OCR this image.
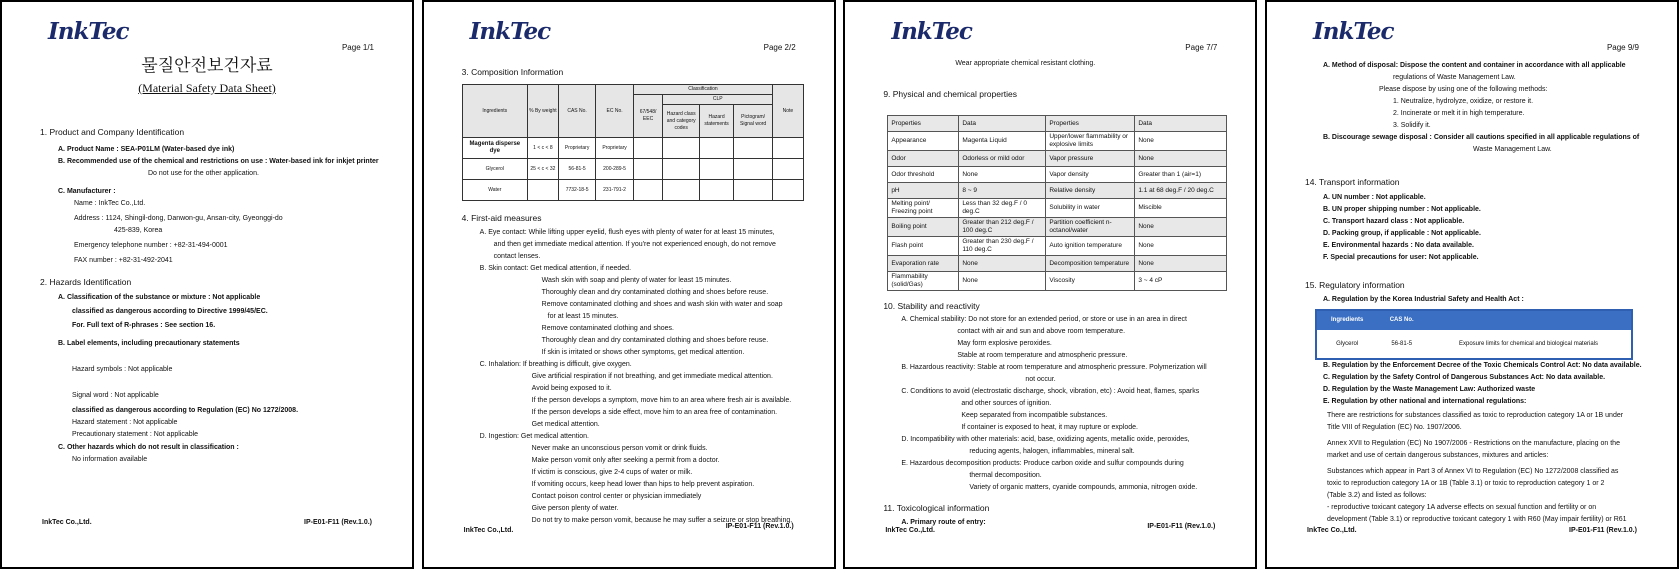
InkTec
Page 1/1
물질안전보건자료
(Material Safety Data Sheet)

1. Product and Company Identification

A. Product Name : SEA-P01LM (Water-based dye ink)

B. Recommended use of the chemical and restrictions on use : Water-based ink for inkjet printer

Do not use for the other application.

C. Manufacturer :

Name : InkTec Co.,Ltd.

Address : 1124, Shingil-dong, Danwon-gu, Ansan-city, Gyeonggi-do

425-839, Korea

Emergency telephone number : +82-31-494-0001

FAX number : +82-31-492-2041

2. Hazards Identification

A. Classification of the substance or mixture : Not applicable

classified as dangerous according to Directive 1999/45/EC.

For. Full text of R-phrases : See section 16.

B. Label elements, including precautionary statements

Hazard symbols : Not applicable

Signal word : Not applicable

classified as dangerous according to Regulation (EC) No 1272/2008.

Hazard statement : Not applicable

Precautionary statement : Not applicable

C. Other hazards which do not result in classification :

No information available

InkTec Co.,Ltd.	IP-E01-F11 (Rev.1.0.)
InkTec
Page 2/2

3. Composition Information

Ingredients	% By weight	CAS No.	EC No.	Classification				Note
				67/548/ EEC	CLP			
					Hazard class and category codes	Hazard statements	Pictogram/ Signal word	
Magenta disperse dye	1 < c < 8	Proprietary	Proprietary					
Glycerol	25 < c < 32	56-81-5	200-289-5					
Water		7732-18-5	231-791-2					

4. First-aid measures

A. Eye contact: While lifting upper eyelid, flush eyes with plenty of water for at least 15 minutes,

and then get immediate medical attention. If you're not experienced enough, do not remove

contact lenses.

B. Skin contact: Get medical attention, if needed.

Wash skin with soap and plenty of water for least 15 minutes.

Thoroughly clean and dry contaminated clothing and shoes before reuse.

Remove contaminated clothing and shoes and wash skin with water and soap

for at least 15 minutes.

Remove contaminated clothing and shoes.

Thoroughly clean and dry contaminated clothing and shoes before reuse.

If skin is irritated or shows other symptoms, get medical attention.

C. Inhalation: If breathing is difficult, give oxygen.

Give artificial respiration if not breathing, and get immediate medical attention.

Avoid being exposed to it.

If the person develops a symptom, move him to an area where fresh air is available.

If the person develops a side effect, move him to an area free of contamination.

Get medical attention.

D. Ingestion: Get medical attention.

Never make an unconscious person vomit or drink fluids.

Make person vomit only after seeking a permit from a doctor.

If victim is conscious, give 2-4 cups of water or milk.

If vomiting occurs, keep head lower than hips to help prevent aspiration.

Contact poison control center or physician immediately

Give person plenty of water.

Do not try to make person vomit, because he may suffer a seizure or stop breathing.

InkTec Co.,Ltd.
IP-E01-F11 (Rev.1.0.)
InkTec
Page 7/7

Wear appropriate chemical resistant clothing.

9. Physical and chemical properties

Properties	Data	Properties	Data
Appearance	Magenta Liquid	Upper/lower flammability or explosive limits	None
Odor	Odorless or mild odor	Vapor pressure	None
Odor threshold	None	Vapor density	Greater than 1 (air=1)
pH	8 ~ 9	Relative density	1.1 at 68 deg.F / 20 deg.C
Melting point/ Freezing point	Less than 32 deg.F / 0 deg.C	Solubility in water	Miscible
Boiling point	Greater than 212 deg.F / 100 deg.C	Partition coefficient n-octanol/water	None
Flash point	Greater than 230 deg.F / 110 deg.C	Auto ignition temperature	None
Evaporation rate	None	Decomposition temperature	None
Flammability (solid/Gas)	None	Viscosity	3 ~ 4 cP

10. Stability and reactivity

A. Chemical stability: Do not store for an extended period, or store or use in an area in direct

contact with air and sun and above room temperature.

May form explosive peroxides.

Stable at room temperature and atmospheric pressure.

B. Hazardous reactivity: Stable at room temperature and atmospheric pressure. Polymerization will

not occur.

C. Conditions to avoid (electrostatic discharge, shock, vibration, etc) : Avoid heat, flames, sparks

and other sources of ignition.

Keep separated from incompatible substances.

If container is exposed to heat, it may rupture or explode.

D. Incompatibility with other materials: acid, base, oxidizing agents, metallic oxide, peroxides,

reducing agents, halogen, inflammables, mineral salt.

E. Hazardous decomposition products: Produce carbon oxide and sulfur compounds during

thermal decomposition.

Variety of organic matters, cyanide compounds, ammonia, nitrogen oxide.

11. Toxicological information

A. Primary route of entry:

InkTec Co.,Ltd.
IP-E01-F11 (Rev.1.0.)
InkTec
Page 9/9

A. Method of disposal: Dispose the content and container in accordance with all applicable

regulations of Waste Management Law.

Please dispose by using one of the following methods:

1. Neutralize, hydrolyze, oxidize, or restore it.

2. Incinerate or melt it in high temperature.

3. Solidify it.

B. Discourage sewage disposal : Consider all cautions specified in all applicable regulations of

Waste Management Law.

14. Transport information

A. UN number : Not applicable.

B. UN proper shipping number : Not applicable.

C. Transport hazard class : Not applicable.

D. Packing group, if applicable : Not applicable.

E. Environmental hazards : No data available.

F. Special precautions for user: Not applicable.

15. Regulatory information

A. Regulation by the Korea Industrial Safety and Health Act :

Ingredients	CAS No.	
Glycerol	56-81-5	Exposure limits for chemical and biological materials

B. Regulation by the Enforcement Decree of the Toxic Chemicals Control Act: No data available.

C. Regulation by the Safety Control of Dangerous Substances Act: No data available.

D. Regulation by the Waste Management Law: Authorized waste

E. Regulation by other national and international regulations:

There are restrictions for substances classified as toxic to reproduction category 1A or 1B under

Title VIII of Regulation (EC) No. 1907/2006.

Annex XVII to Regulation (EC) No 1907/2006 - Restrictions on the manufacture, placing on the

market and use of certain dangerous substances, mixtures and articles:

Substances which appear in Part 3 of Annex VI to Regulation (EC) No 1272/2008 classified as

toxic to reproduction category 1A or 1B (Table 3.1) or toxic to reproduction category 1 or 2

(Table 3.2) and listed as follows:

- reproductive toxicant category 1A adverse effects on sexual function and fertility or on

development (Table 3.1) or reproductive toxicant category 1 with R60 (May impair fertility) or R61

InkTec Co.,Ltd.	IP-E01-F11 (Rev.1.0.)
